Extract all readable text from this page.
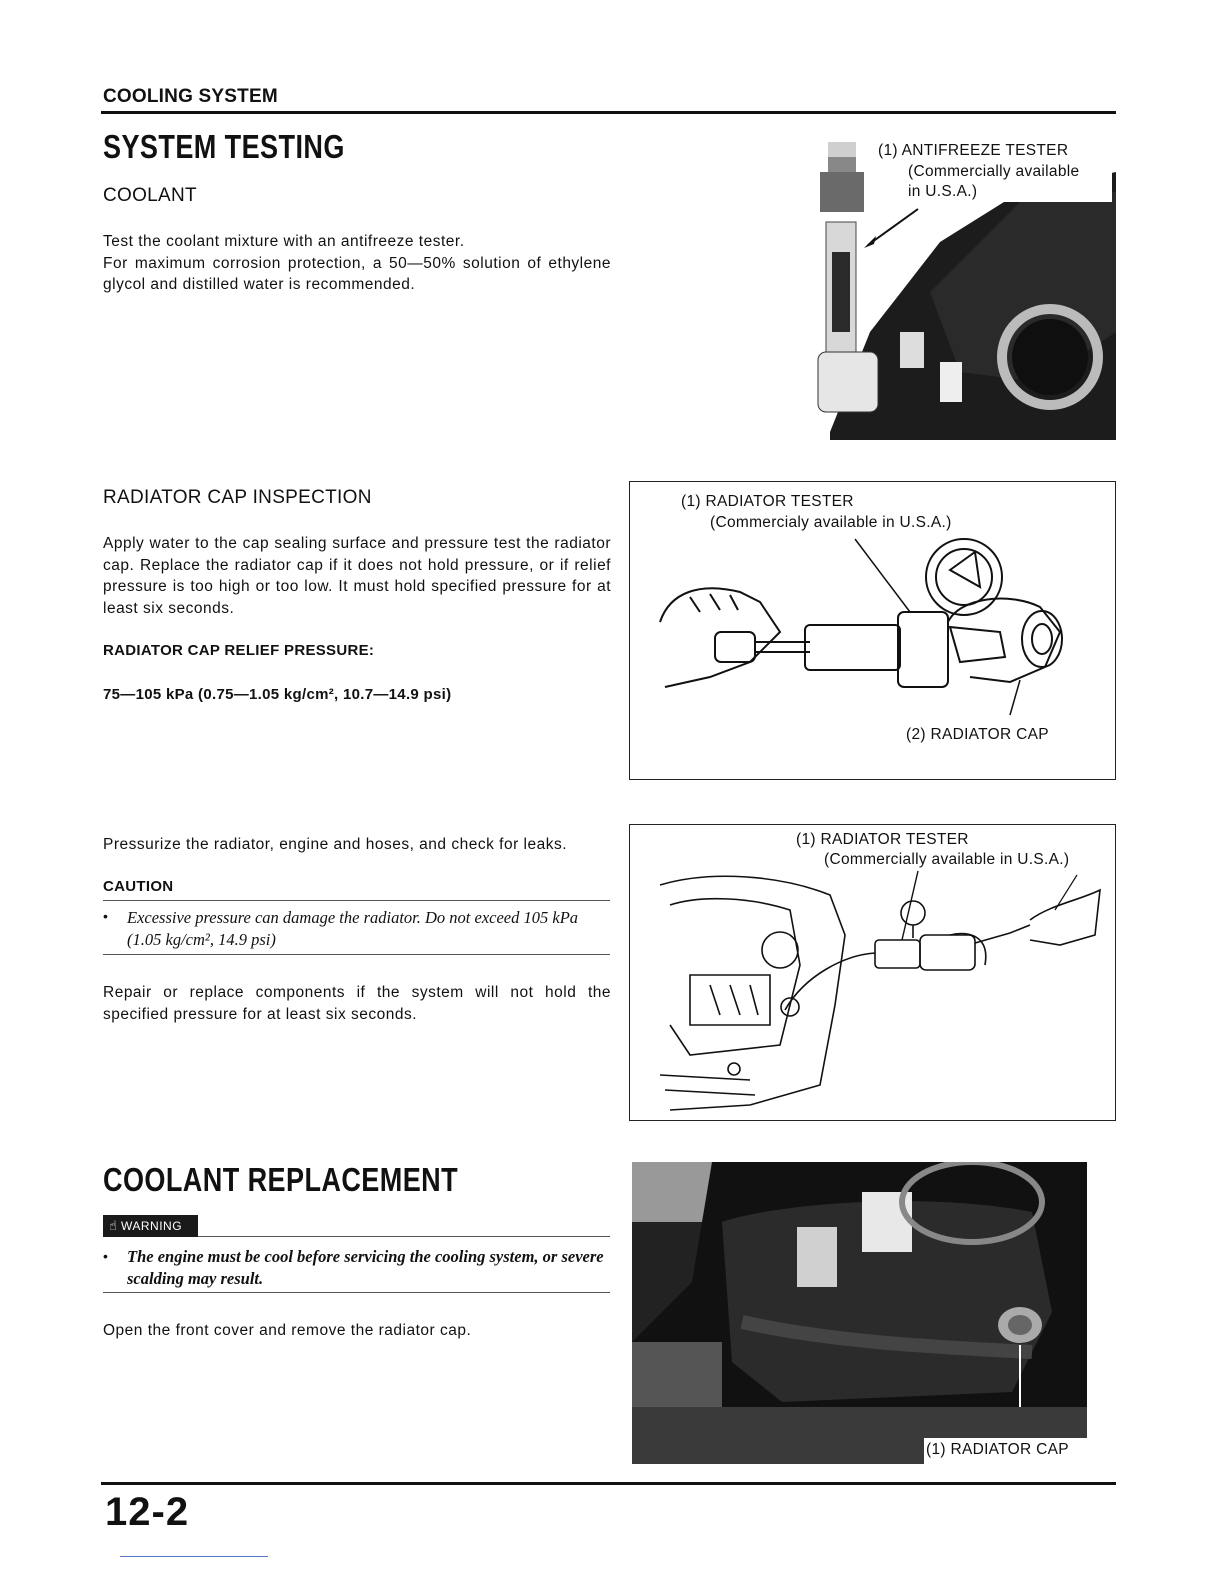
COOLING SYSTEM
SYSTEM TESTING
COOLANT
Test the coolant mixture with an antifreeze tester.
For maximum corrosion protection, a 50—50% solution of ethylene glycol and distilled water is recommended.
(1) ANTIFREEZE TESTER
(Commercially available
in U.S.A.)
RADIATOR CAP INSPECTION
Apply water to the cap sealing surface and pressure test the radiator cap. Replace the radiator cap if it does not hold pressure, or if relief pressure is too high or too low. It must hold specified pressure for at least six seconds.
RADIATOR CAP RELIEF PRESSURE:
75—105 kPa (0.75—1.05 kg/cm², 10.7—14.9 psi)
(1) RADIATOR TESTER
(Commercialy available in U.S.A.)
(2) RADIATOR CAP
Pressurize the radiator, engine and hoses, and check for leaks.
CAUTION
• Excessive pressure can damage the radiator. Do not exceed 105 kPa (1.05 kg/cm², 14.9 psi)
Repair or replace components if the system will not hold the specified pressure for at least six seconds.
(1) RADIATOR TESTER
(Commercially available in U.S.A.)
COOLANT REPLACEMENT
☝ WARNING
• The engine must be cool before servicing the cooling system, or severe scalding may result.
Open the front cover and remove the radiator cap.
(1) RADIATOR CAP
12-2
